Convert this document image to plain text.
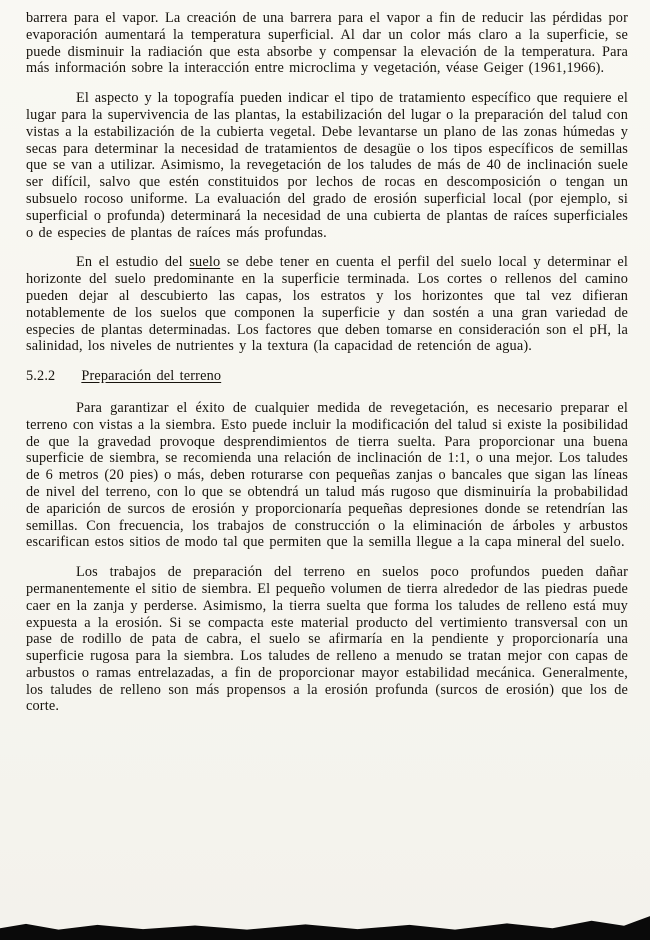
barrera para el vapor. La creación de una barrera para el vapor a fin de reducir las pérdidas por evaporación aumentará la temperatura superficial. Al dar un color más claro a la superficie, se puede disminuir la radiación que esta absorbe y compensar la elevación de la temperatura. Para más información sobre la interacción entre microclima y vegetación, véase Geiger (1961,1966).

El aspecto y la topografía pueden indicar el tipo de tratamiento específico que requiere el lugar para la supervivencia de las plantas, la estabilización del lugar o la preparación del talud con vistas a la estabilización de la cubierta vegetal. Debe levantarse un plano de las zonas húmedas y secas para determinar la necesidad de tratamientos de desagüe o los tipos específicos de semillas que se van a utilizar. Asimismo, la revegetación de los taludes de más de 40 de inclinación suele ser difícil, salvo que estén constituidos por lechos de rocas en descomposición o tengan un subsuelo rocoso uniforme. La evaluación del grado de erosión superficial local (por ejemplo, si superficial o profunda) determinará la necesidad de una cubierta de plantas de raíces superficiales o de especies de plantas de raíces más profundas.

En el estudio del suelo se debe tener en cuenta el perfil del suelo local y determinar el horizonte del suelo predominante en la superficie terminada. Los cortes o rellenos del camino pueden dejar al descubierto las capas, los estratos y los horizontes que tal vez difieran notablemente de los suelos que componen la superficie y dan sostén a una gran variedad de especies de plantas determinadas. Los factores que deben tomarse en consideración son el pH, la salinidad, los niveles de nutrientes y la textura (la capacidad de retención de agua).

5.2.2 Preparación del terreno

Para garantizar el éxito de cualquier medida de revegetación, es necesario preparar el terreno con vistas a la siembra. Esto puede incluir la modificación del talud si existe la posibilidad de que la gravedad provoque desprendimientos de tierra suelta. Para proporcionar una buena superficie de siembra, se recomienda una relación de inclinación de 1:1, o una mejor. Los taludes de 6 metros (20 pies) o más, deben roturarse con pequeñas zanjas o bancales que sigan las líneas de nivel del terreno, con lo que se obtendrá un talud más rugoso que disminuiría la probabilidad de aparición de surcos de erosión y proporcionaría pequeñas depresiones donde se retendrían las semillas. Con frecuencia, los trabajos de construcción o la eliminación de árboles y arbustos escarifican estos sitios de modo tal que permiten que la semilla llegue a la capa mineral del suelo.

Los trabajos de preparación del terreno en suelos poco profundos pueden dañar permanentemente el sitio de siembra. El pequeño volumen de tierra alrededor de las piedras puede caer en la zanja y perderse. Asimismo, la tierra suelta que forma los taludes de relleno está muy expuesta a la erosión. Si se compacta este material producto del vertimiento transversal con un pase de rodillo de pata de cabra, el suelo se afirmaría en la pendiente y proporcionaría una superficie rugosa para la siembra. Los taludes de relleno a menudo se tratan mejor con capas de arbustos o ramas entrelazadas, a fin de proporcionar mayor estabilidad mecánica. Generalmente, los taludes de relleno son más propensos a la erosión profunda (surcos de erosión) que los de corte.
